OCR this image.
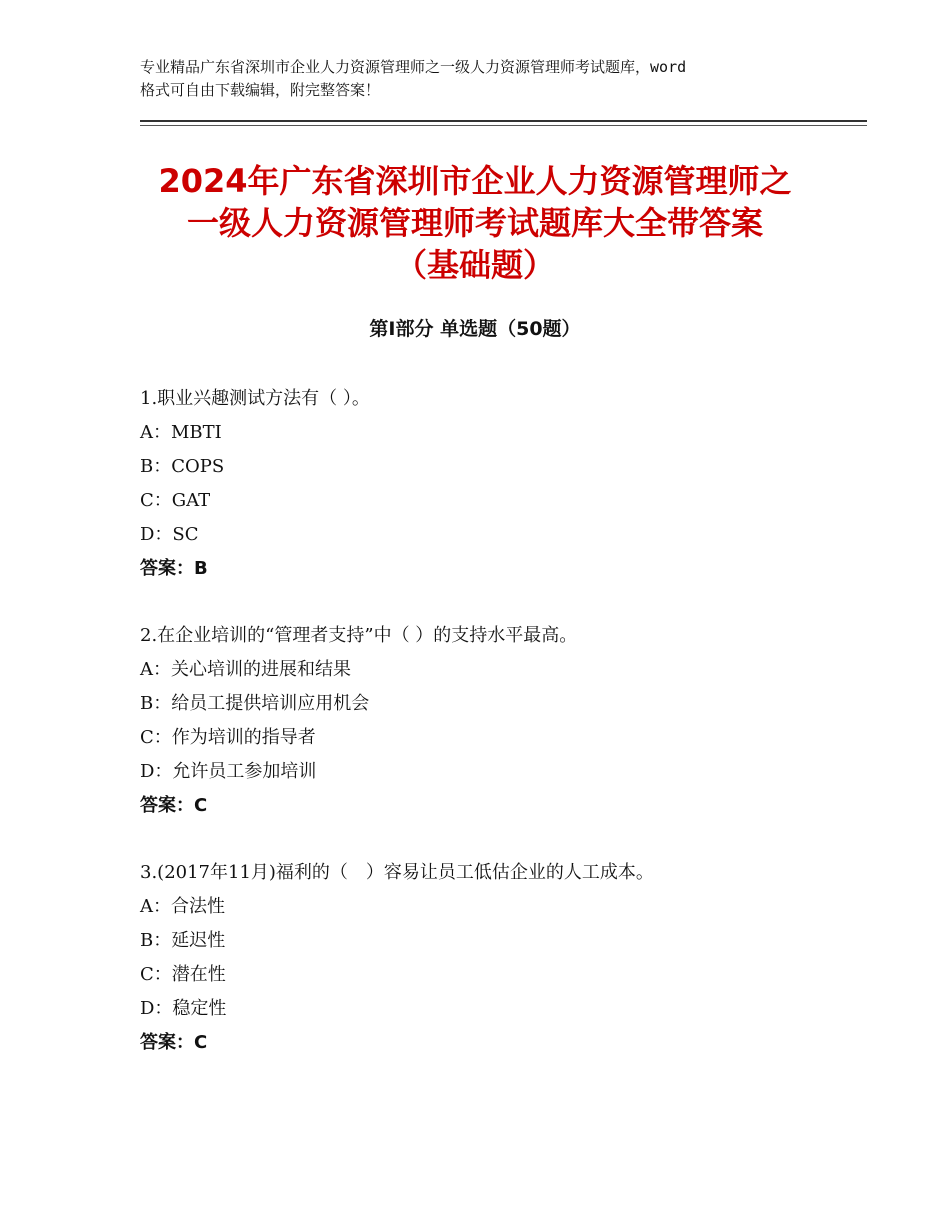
专业精品广东省深圳市企业人力资源管理师之一级人力资源管理师考试题库，word
格式可自由下载编辑，附完整答案！
2024年广东省深圳市企业人力资源管理师之
一级人力资源管理师考试题库大全带答案
（基础题）
第Ⅰ部分 单选题（50题）
1.职业兴趣测试方法有（ ）。
A：MBTI
B：COPS
C：GAT
D：SC
答案：B
2.在企业培训的“管理者支持”中（ ）的支持水平最高。
A：关心培训的进展和结果
B：给员工提供培训应用机会
C：作为培训的指导者
D：允许员工参加培训
答案：C
3.(2017年11月)福利的（　）容易让员工低估企业的人工成本。
A：合法性
B：延迟性
C：潜在性
D：稳定性
答案：C
